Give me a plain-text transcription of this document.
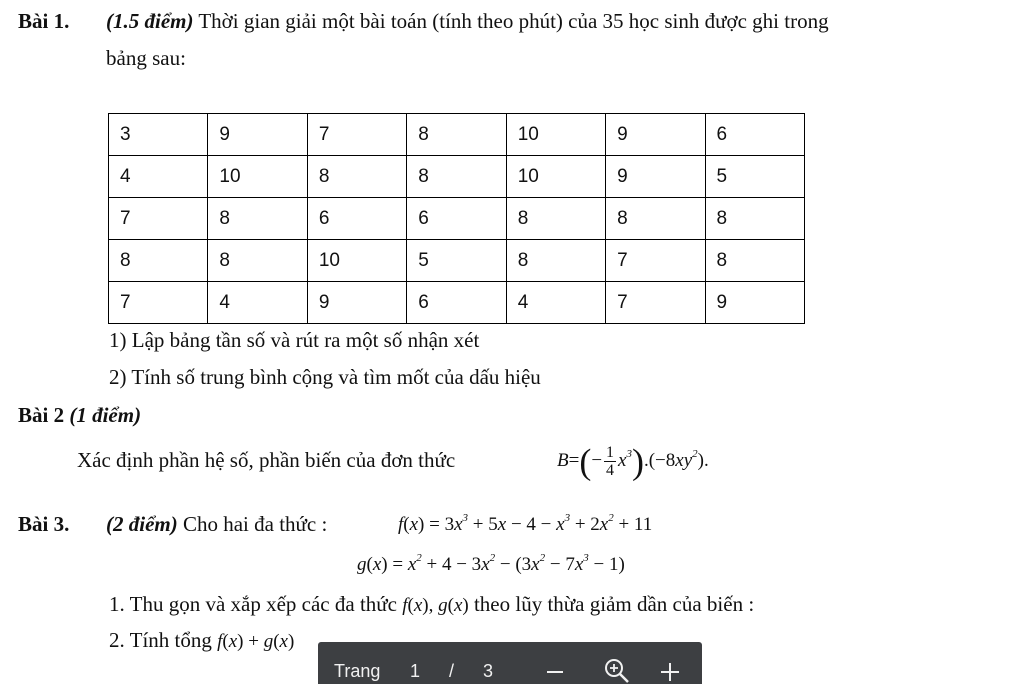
Bài 1. (1.5 điểm) Thời gian giải một bài toán (tính theo phút) của 35 học sinh được ghi trong
bảng sau:
3	9	7	8	10	9	6
4	10	8	8	10	9	5
7	8	6	6	8	8	8
8	8	10	5	8	7	8
7	4	9	6	4	7	9
1) Lập bảng tần số và rút ra một số nhận xét
2) Tính số trung bình cộng và tìm mốt của dấu hiệu
Bài 2 (1 điểm)
Xác định phần hệ số, phần biến của đơn thức	$B=(- \frac{1}{4} x^3).(-8xy^2)$.
Bài 3. (2 điểm) Cho hai đa thức :	$f(x) = 3x^3 + 5x - 4 - x^3 + 2x^2 + 11$
$g(x) = x^2 + 4 - 3x^2 - (3x^2 - 7x^3 - 1)$
1. Thu gọn và xắp xếp các đa thức f(x), g(x) theo lũy thừa giảm dần của biến :
2. Tính tổng f(x) + g(x)
Trang 1 / 3
